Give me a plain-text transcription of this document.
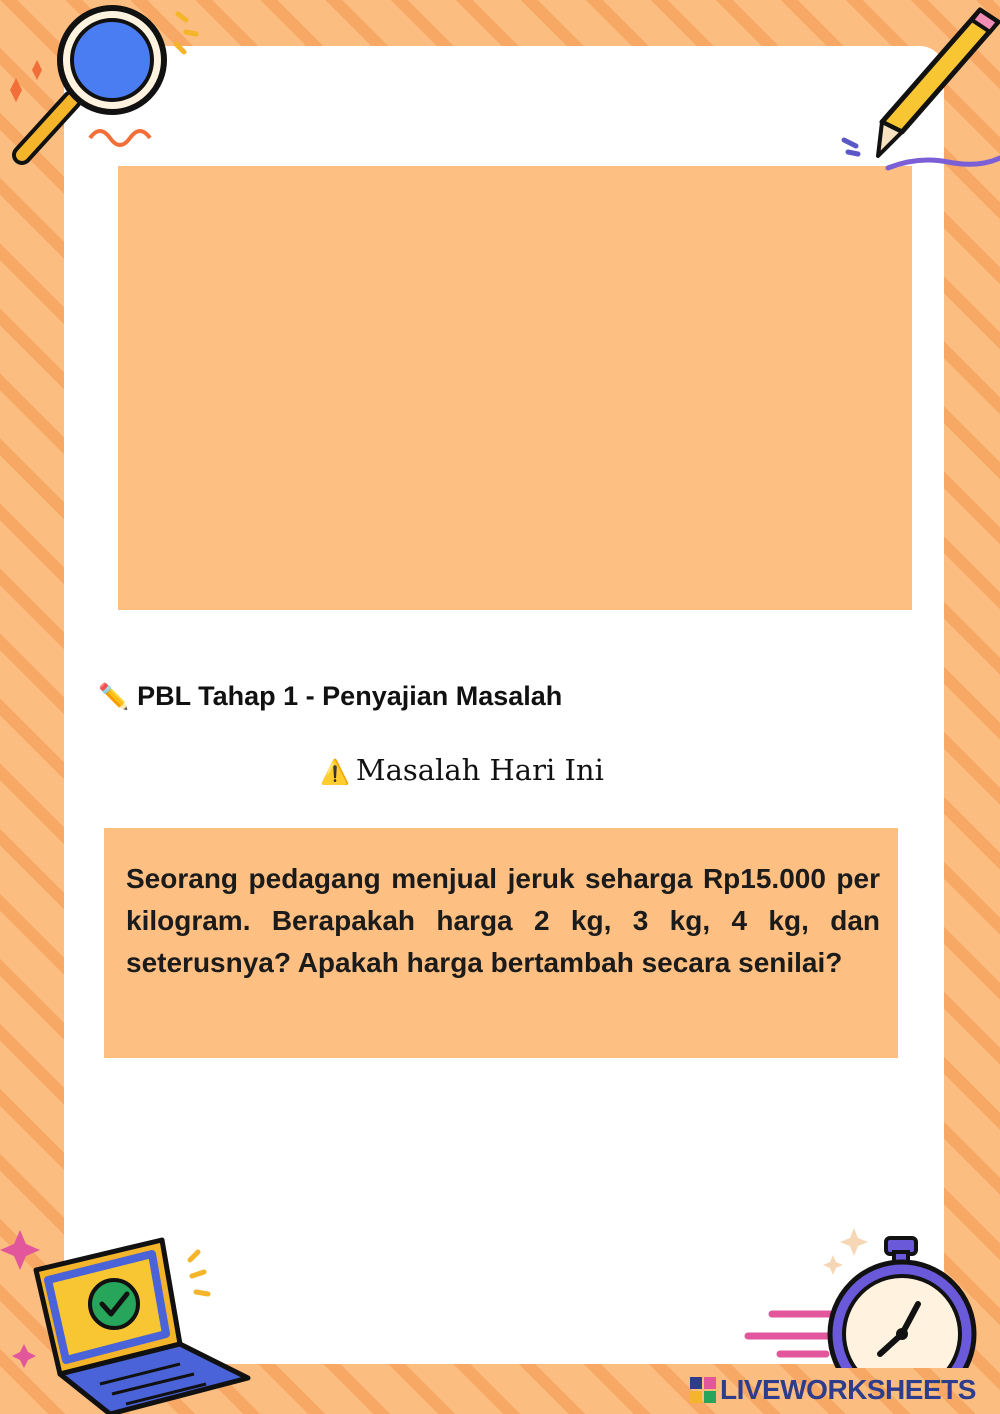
✏️ PBL Tahap 1 - Penyajian Masalah
⚠️ Masalah Hari Ini

Seorang pedagang menjual jeruk seharga Rp15.000 per kilogram. Berapakah harga 2 kg, 3 kg, 4 kg, dan seterusnya? Apakah harga bertambah secara senilai?

LIVEWORKSHEETS
